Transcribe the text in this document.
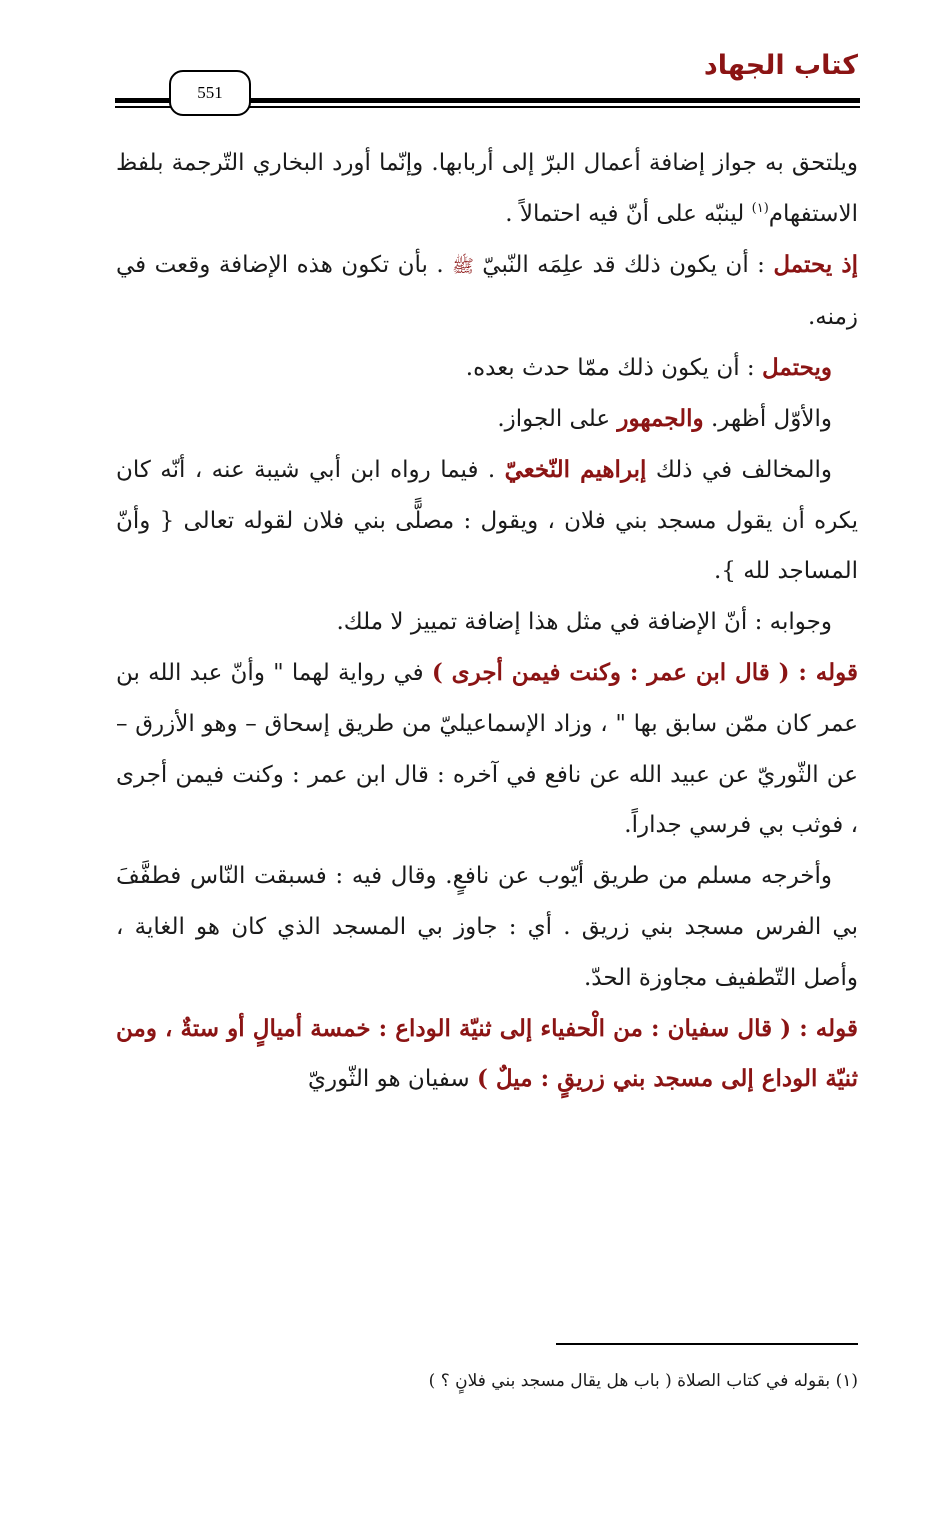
كتاب الجهاد
551

ويلتحق به جواز إضافة أعمال البرّ إلى أربابها. وإنّما أورد البخاري التّرجمة بلفظ الاستفهام$^{(١)}$ لينبّه على أنّ فيه احتمالاً .

إذ يحتمل : أن يكون ذلك قد علِمَه النّبيّ ﷺ . بأن تكون هذه الإضافة وقعت في زمنه.

ويحتمل : أن يكون ذلك ممّا حدث بعده.

والأوّل أظهر. والجمهور على الجواز.

والمخالف في ذلك إبراهيم النّخعيّ . فيما رواه ابن أبي شيبة عنه ، أنّه كان يكره أن يقول مسجد بني فلان ، ويقول : مصلًّى بني فلان لقوله تعالى { وأنّ المساجد لله }.

وجوابه : أنّ الإضافة في مثل هذا إضافة تمييز لا ملك.

قوله : ( قال ابن عمر : وكنت فيمن أجرى ) في رواية لهما " وأنّ عبد الله بن عمر كان ممّن سابق بها " ، وزاد الإسماعيليّ من طريق إسحاق – وهو الأزرق – عن الثّوريّ عن عبيد الله عن نافع في آخره : قال ابن عمر : وكنت فيمن أجرى ، فوثب بي فرسي جداراً.

وأخرجه مسلم من طريق أيّوب عن نافعٍ. وقال فيه : فسبقت النّاس فطفَّفَ بي الفرس مسجد بني زريق . أي : جاوز بي المسجد الذي كان هو الغاية ، وأصل التّطفيف مجاوزة الحدّ.

قوله : ( قال سفيان : من الْحفياء إلى ثنيّة الوداع : خمسة أميالٍ أو ستةٌ ، ومن ثنيّة الوداع إلى مسجد بني زريقٍ : ميلٌ ) سفيان هو الثّوريّ

(١) بقوله في كتاب الصلاة ( باب هل يقال مسجد بني فلانٍ ؟ )
